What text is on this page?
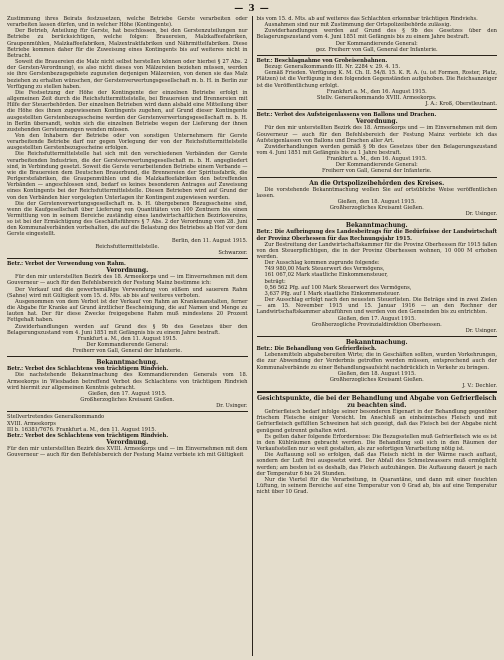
— 3 —

Zustimmung ihres Beirats festzusetzen, welche Betriebe Gerste verarbeiten oder verarbeiten lassen dürfen, und in welcher Höhe (Kontingente).

Der Betrieb, Anteilung für Gerste, hat beschlossen, bei den Gerstenzuteilungen nur Betriebe zu berücksichtigen, welche folgen: Brauereien, Malzkaffeefabriken, Graupenmühlen, Malzkaffeefabriken, Malzextraktfabriken und Nährmittelfabriken. Diese Betriebe kommen daher für die Zuweisung eines Kontingents bis auf weiteres nicht in Betracht.

Soweit die Brauereien die Malz nicht selbst herstellen können oder hierbei § 27 Abs. 2 der Gersten-Verordnung), es also nicht dieses von Mälzereien beziehen müssen, werden sie ihre Gerstenbezugsgebiete zugunsten derjenigen Mälzereien, von denen sie das Malz beziehen zu erhalten wünschen, der Gerstenverwertungsgesellschaft m. b. H. in Berlin zur Verfügung zu stellen haben.

Die Festsetzung der Höhe der Kontingente der einzelnen Betriebe erfolgt in allgemeinen Zeit durch die Reichsfuttermittelstelle, bei Brauereien und Brennereien mit Hilfe der Steuerbehörden. Der einzelnen Betrieben wird dann alsbald eine Mitteilung über die Höhe des ihnen zugewiesenen Kontingents zugehen, auf Grund dieser Kontingente ausgestellten Gerstenbezugsscheine werden der Gerstenverwertungsgesellschaft m. b. H. in Berlin übersandt, wohin sich die einzelnen Betriebe wegen der Lieferung der ihnen zustehenden Gerstenmengen wenden müssen.

Von den Inhabern der Betriebe oder von sonstigen Unternehmern für Gerste verarbeitende Betriebe darf nur gegen Vorlegung der von der Reichsfuttermittelstelle ausgestellten Gerstenbezugsscheine erfolgen.

Die Reichsfuttermittelstelle hat sich mit den verschiedenen Verbänden der Gerste verarbeitenden Industrien, die der Gersteverwertungsgesellschaft m. b. H. angegliedert sind, in Verbindung gesetzt. Soweit die Gerste verarbeitenden Betriebe einem Verbande — wie die Brauereien dem Deutschen Brauerbund, die Brennereien der Spiritusfabrik, die Perlgerstefabriken, die Graupenmühlen und die Malzkaffeefabriken den betreffenden Verbänden — angeschlossen sind, bedarf es keines besonderen Antrages auf Zuweisung eines Kontingents bei der Reichsfuttermittelstelle. Diesen Betrieben wird auf Grund der von den Verbänden hier vorgelegten Unterlagen ihr Kontingent zugewiesen werden.

Die der Gerstenverwertungsgesellschaft m. b. H. übergebenen Bezugsscheine sind, wenn die Kaufgesellschaft über Lieferung von Quantitäten von 100 Zentnern bis einen Vermittlung von in seinem Bereiche zuständig eines landwirtschaftlichen Bezirksvereins, so ist bei der Ermächtigung des Geschäftsführers § 7 Abs. 2 der Verordnung vom 28. Juni den Kommunalverbänden vorbehalten, die auf die Belastung des Betriebes ab Hof vor dem Gerste eingestellt.

Berlin, den 11. August 1915.

Reichsfuttermittelstelle.

Schwarzer.

Betr.: Verbot der Verwendung von Rahm.

Verordnung.

Für den mir unterstellten Bezirk des 18. Armeekorps und — im Einvernehmen mit dem Gouverneur — auch für den Befehlsbereich der Festung Mainz bestimme ich:

Der Verkauf und die gewerbsmäßige Verwendung von süßem und sauerem Rahm (Sahne) wird mit Gültigkeit vom 15. d. Mts. ab bis auf weiteres verboten.

Ausgenommen von dem Verbot ist der Verkauf von Rahm an Krankenanstalten, ferner die Abgabe für Kranke auf Grund ärztlicher Bescheinigung, die auf Namen und Menge zu lauten hat. Der für diese Zwecke freigegebene Rahm muß mindestens 20 Prozent Fettgehalt haben.

Zuwiderhandlungen werden auf Grund des § 9b des Gesetzes über den Belagerungszustand vom 4. Juni 1851 mit Gefängnis bis zu einem Jahre bestraft.

Frankfurt a. M., den 11. August 1915.

Der Kommandierende General:

Freiherr von Gall, General der Infanterie.

Bekanntmachung.

Betr.: Verbot des Schlachtens von trächtigem Rindvieh.

Die nachstehende Bekanntmachung des Kommandierenden Generals vom 18. Armeekorps in Wiesbaden betreffend Verbot des Schlachtens von trächtigem Rindvieh wird hiermit zur allgemeinen Kenntnis gebracht.

Gießen, den 17. August 1915.

Großherzogliches Kreisamt Gießen.

Dr. Usinger.

Stellvertretendes Generalkommando

XVIII. Armeekorps

III b. 16381/7676. Frankfurt a. M., den 11. August 1915.

Betr.: Verbot des Schlachtens von trächtigem Rindvieh.

Verordnung.

Für den mir unterstellten Bezirk des XVIII. Armeekorps und — im Einvernehmen mit dem Gouverneur — auch für den Befehlsbereich der Festung Mainz verbiete ich mit Gültigkeit

bis vom 15. d. Mts. ab auf weiteres das Schlachten erkennbar trächtigen Rindviehs.

Ausnahmen sind nur mit Zustimmung der Ortspolizeibehörde zulässig.

Zuwiderhandlungen werden auf Grund des § 9b des Gesetzes über den Belagerungszustand vom 4. Juni 1851 mit Gefängnis bis zu einem Jahre bestraft.

Der Kommandierende General:

gez. Freiherr von Gall, General der Infanterie.

Betr.: Beschlagnahme von Grobeisenbahnen.

Bezug: Generalkommando III. Nr. 2284 v. 29. 4. 15.

Gemäß Frieden. Verfügung K. M. Ch. II. 54/8. 15. K. R. A. (u. ist Formen, Roster, Platz, Plätzen) ist die Verfügung in den folgenden Gegenständen aufgehoben. Die Reichsanzeiger ist die Veröffentlichung erfolgt.

Frankfurt a. M., den 16. August 1915.

Stellv. Generalkommando XVIII. Armeekorps.

J. A.: Kroß, Oberstleutnant.

Betr.: Verbot des Aufsteigenlassens von Ballons und Drachen.

Verordnung.

Für den mir unterstellten Bezirk des 18. Armeekorps und — im Einvernehmen mit dem Gouverneur — auch für den Befehlsbereich der Festung Mainz verbiete ich das Aufsteigenlassen von Ballons und Drachen aller Art.

Zuwiderhandlungen werden gemäß § 9b des Gesetzes über den Belagerungszustand vom 4. Juni 1851 mit Gefängnis bis zu 1 Jahre bestraft.

Frankfurt a. M., den 16. August 1915.

Der Kommandierende General:

Freiherr von Gall, General der Infanterie.

An die Ortspolizeibehörden des Kreises.

Die vorstehende Bekanntmachung wollen Sie auf ortsübliche Weise veröffentlichen lassen.

Gießen, den 18. August 1915.

Großherzogliches Kreisamt Gießen.

Dr. Usinger.

Bekanntmachung.

Betr.: Die Aufbringung des Landesbeitrags für die Bedürfnisse der Landwirtschaft der Provinz Oberhessen für das Rechnungsjahr 1915.

Zur Bestreitung der Landwirtschaftskammer für die Provinz Oberhessen für 1915 fallen von den Steuerpflichtigen, die in der Provinz Oberhessen wohnen, 10 000 M erhoben werden.

Der Ausschlag kommen zugrunde folgende:

749 980,00 Mark Steuerwert des Vermögens,

161 067,02 Mark staatliche Einkommensteuer,

beträgt:

0,56 562 Pfg. auf 100 Mark Steuerwert des Vermögens,

3,637 Pfg. auf 1 Mark staatliche Einkommensteuer.

Der Ausschlag erfolgt nach den neuesten Steuerlisten. Die Beträge sind in zwei Zielen — am 15. November 1915 und 15. Januar 1916 — an den Rechner der Landwirtschaftskammer abzuführen und werden von den Gemeinden bis zu entrichten.

Gießen, den 17. August 1915.

Großherzogliche Provinzialdirektion Oberhessen.

Dr. Usinger.

Bekanntmachung.

Betr.: Die Behandlung von Gefrierfleisch.

Lebensmitteln abgabebereiten Wirte; die in Geschäften sollten, wurden Vorkehrungen, die zur Abwendung der Verderbnis getroffen werden müssen, entsprechend auch der Kommunalverbände zu einer Behandlungsaufsicht nachdrücklich in Verkehr zu bringen.

Gießen, den 18. August 1915.

Großherzogliches Kreisamt Gießen.

J. V.: Dechler.

Gesichtspunkte, die bei der Behandlung und Abgabe von Gefrierfleisch zu beachten sind.

Gefrierfleisch bedarf infolge seiner besonderen Eigenart in der Behandlung gegenüber frischem Fleische einiger Vorsicht. Im Anschluß an einheimisches Fleisch und mit Gefrierfleisch gefüllten Schweinen hat sich gezeigt, daß das Fleisch bei der Abgabe nicht genügend getrennt gehalten wird.

Es gelten daher folgende Erfordernisse: Die Bezugsstellen muß Gefrierfleisch wie es ist in den Kühlräumen gebracht werden. Die Behandlung soll sich in den Räumen der Verkaufsstellen nur so weit gestalten, als zur sofortigen Verarbeitung nötig ist.

Die Auftauung soll so erfolgen, daß das Fleisch nicht in der Wärme rasch auftaut, sondern der Luft frei ausgesetzt wird. Der Abfall des Schmelzwassers muß ermöglicht werden; am besten ist es deshalb, das Fleisch aufzuhängen. Die Auftauung dauert je nach der Temperatur 6 bis 24 Stunden.

Nur die Viertel für die Verarbeitung, in Quarantäne, und dann mit einer feuchten Lüftung, in seinem Bereiche auf eine Temperatur von 0 Grad ab, bis auf eine Temperatur nicht über 10 Grad.
